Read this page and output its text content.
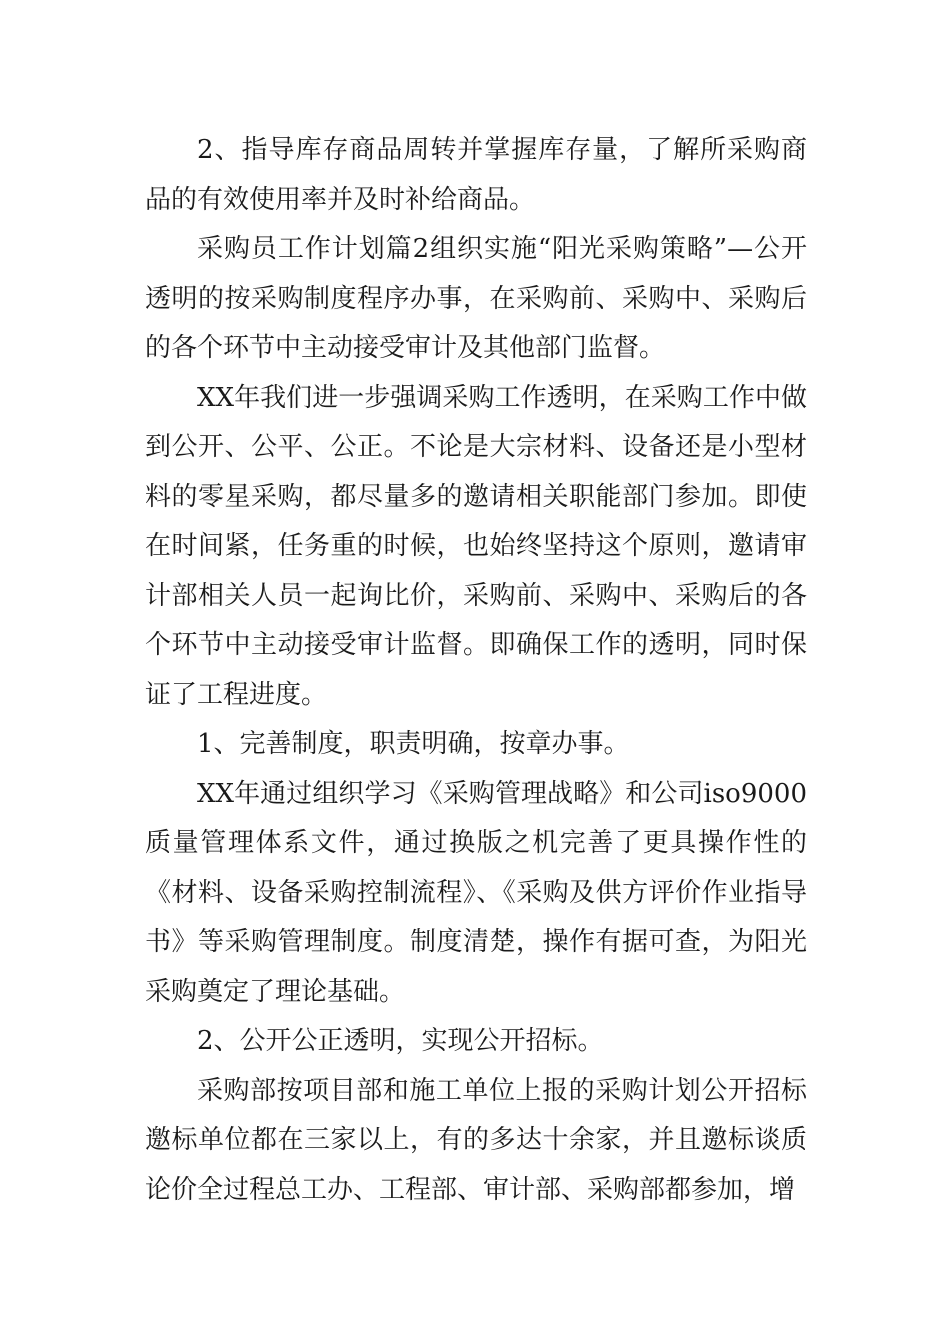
2、指导库存商品周转并掌握库存量，了解所采购商品的有效使用率并及时补给商品。

采购员工作计划篇2组织实施“阳光采购策略”—公开透明的按采购制度程序办事，在采购前、采购中、采购后的各个环节中主动接受审计及其他部门监督。

XX年我们进一步强调采购工作透明，在采购工作中做到公开、公平、公正。不论是大宗材料、设备还是小型材料的零星采购，都尽量多的邀请相关职能部门参加。即使在时间紧，任务重的时候，也始终坚持这个原则，邀请审计部相关人员一起询比价，采购前、采购中、采购后的各个环节中主动接受审计监督。即确保工作的透明，同时保证了工程进度。

1、完善制度，职责明确，按章办事。

XX年通过组织学习《采购管理战略》和公司iso9000质量管理体系文件，通过换版之机完善了更具操作性的《材料、设备采购控制流程》、《采购及供方评价作业指导书》等采购管理制度。制度清楚，操作有据可查，为阳光采购奠定了理论基础。

2、公开公正透明，实现公开招标。

采购部按项目部和施工单位上报的采购计划公开招标邀标单位都在三家以上，有的多达十余家，并且邀标谈质论价全过程总工办、工程部、审计部、采购部都参加，增
